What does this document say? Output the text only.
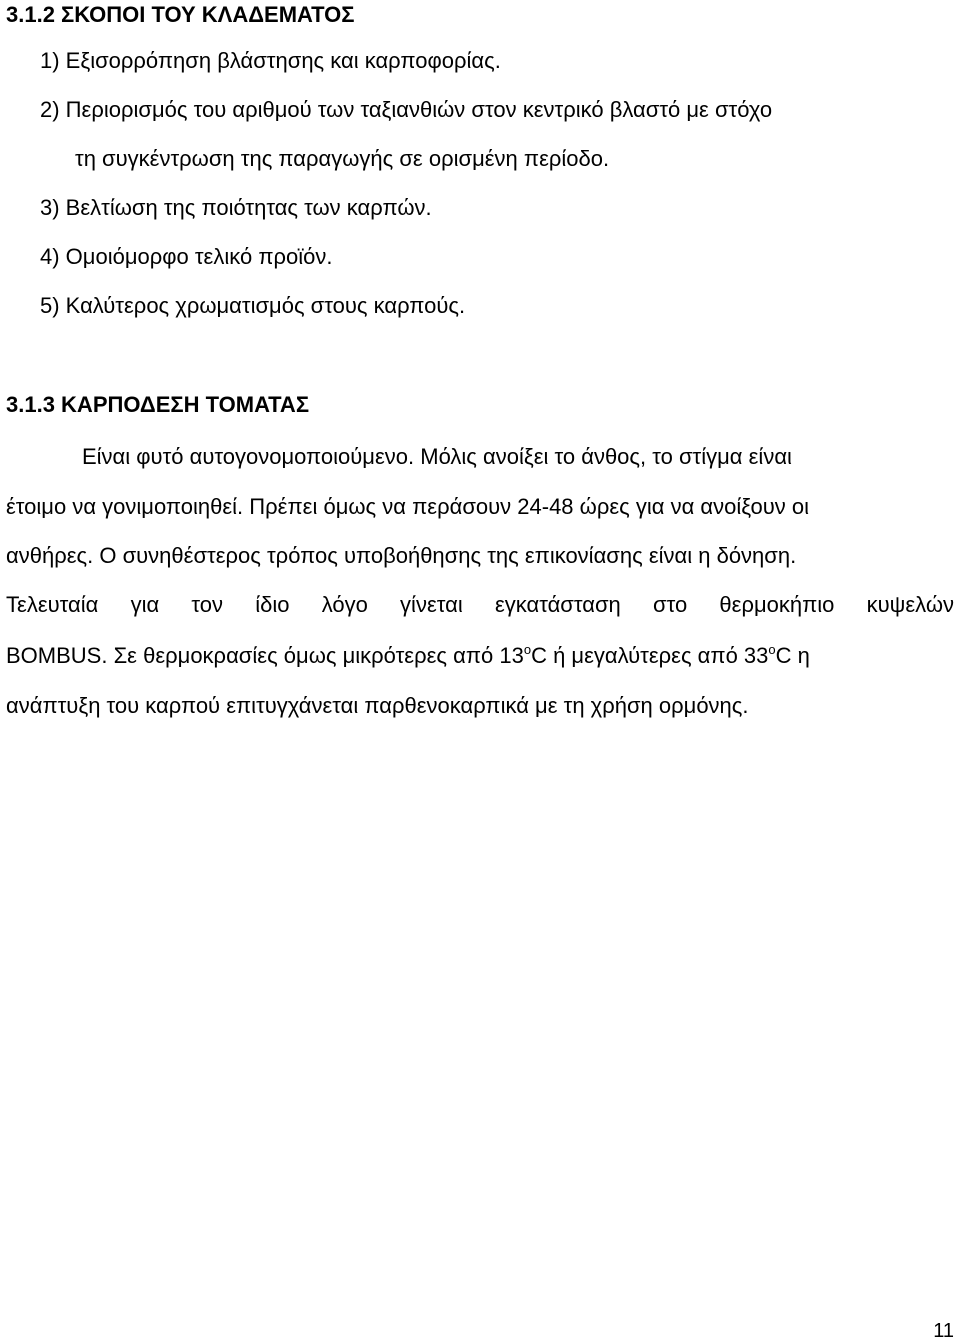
3.1.2 ΣΚΟΠΟΙ ΤΟΥ ΚΛΑΔΕΜΑΤΟΣ
1) Εξισορρόπηση βλάστησης και καρποφορίας.
2) Περιορισμός του αριθμού των ταξιανθιών στον κεντρικό βλαστό με στόχο
τη συγκέντρωση της παραγωγής σε ορισμένη περίοδο.
3) Βελτίωση της ποιότητας των καρπών.
4) Ομοιόμορφο τελικό προϊόν.
5) Καλύτερος χρωματισμός στους καρπούς.
3.1.3 ΚΑΡΠΟΔΕΣΗ ΤΟΜΑΤΑΣ
Είναι φυτό αυτογονομοποιούμενο. Μόλις ανοίξει το άνθος, το στίγμα είναι
έτοιμο να γονιμοποιηθεί. Πρέπει όμως να περάσουν 24-48 ώρες για να ανοίξουν οι
ανθήρες. Ο συνηθέστερος τρόπος υποβοήθησης της επικονίασης είναι η δόνηση.
Τελευταία για τον ίδιο λόγο γίνεται εγκατάσταση στο θερμοκήπιο κυψελών
BOMBUS. Σε θερμοκρασίες όμως μικρότερες από $13^oC$ ή μεγαλύτερες από $33^oC$ η
ανάπτυξη του καρπού επιτυγχάνεται παρθενοκαρπικά με τη χρήση ορμόνης.
11
